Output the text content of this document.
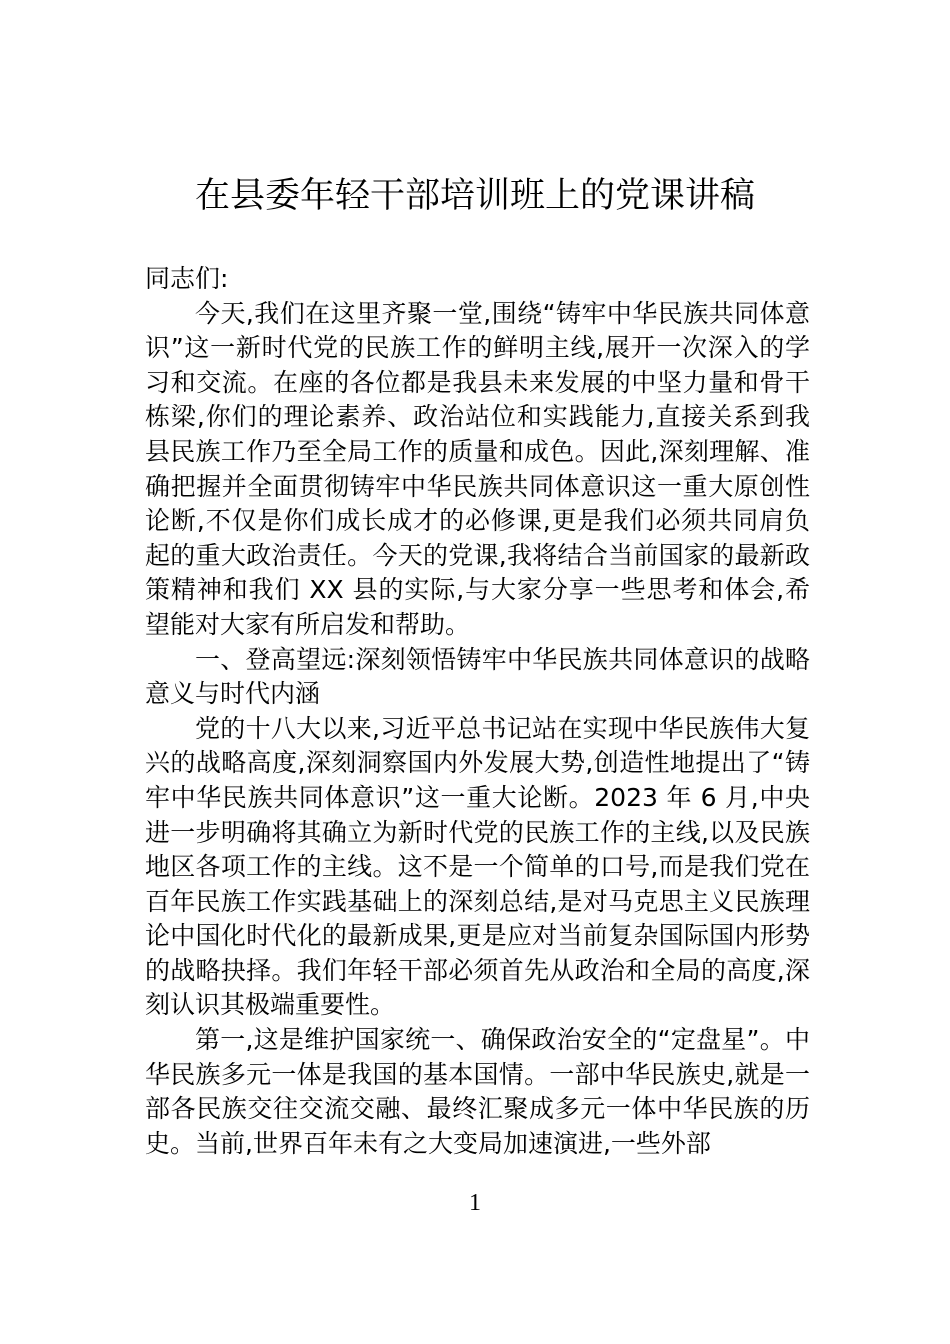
在县委年轻干部培训班上的党课讲稿

同志们:

今天,我们在这里齐聚一堂,围绕“铸牢中华民族共同体意识”这一新时代党的民族工作的鲜明主线,展开一次深入的学习和交流。在座的各位都是我县未来发展的中坚力量和骨干栋梁,你们的理论素养、政治站位和实践能力,直接关系到我县民族工作乃至全局工作的质量和成色。因此,深刻理解、准确把握并全面贯彻铸牢中华民族共同体意识这一重大原创性论断,不仅是你们成长成才的必修课,更是我们必须共同肩负起的重大政治责任。今天的党课,我将结合当前国家的最新政策精神和我们 XX 县的实际,与大家分享一些思考和体会,希望能对大家有所启发和帮助。

一、登高望远:深刻领悟铸牢中华民族共同体意识的战略意义与时代内涵

党的十八大以来,习近平总书记站在实现中华民族伟大复兴的战略高度,深刻洞察国内外发展大势,创造性地提出了“铸牢中华民族共同体意识”这一重大论断。2023 年 6 月,中央进一步明确将其确立为新时代党的民族工作的主线,以及民族地区各项工作的主线。这不是一个简单的口号,而是我们党在百年民族工作实践基础上的深刻总结,是对马克思主义民族理论中国化时代化的最新成果,更是应对当前复杂国际国内形势的战略抉择。我们年轻干部必须首先从政治和全局的高度,深刻认识其极端重要性。

第一,这是维护国家统一、确保政治安全的“定盘星”。中华民族多元一体是我国的基本国情。一部中华民族史,就是一部各民族交往交流交融、最终汇聚成多元一体中华民族的历史。当前,世界百年未有之大变局加速演进,一些外部

1
